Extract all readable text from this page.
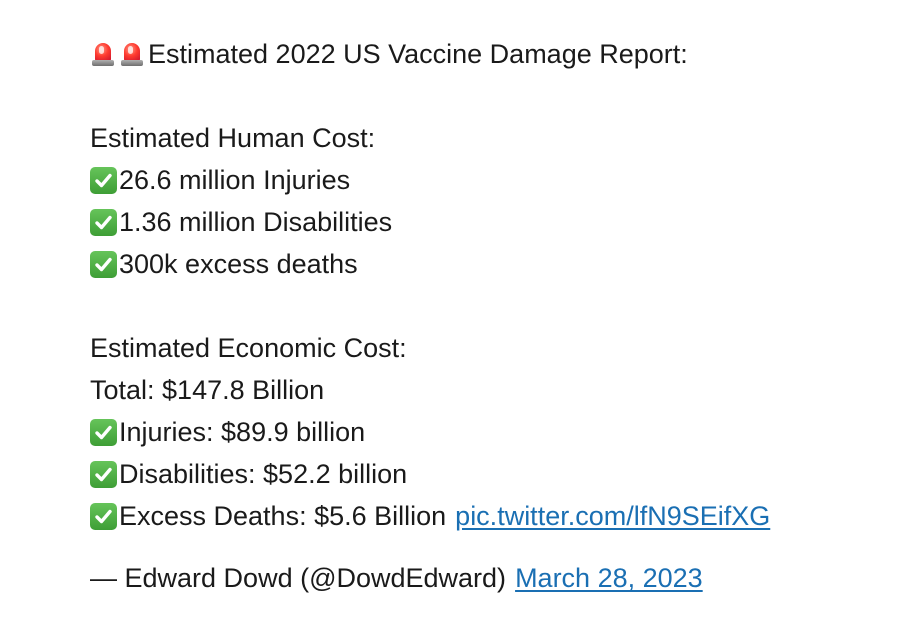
Estimated 2022 US Vaccine Damage Report:
Estimated Human Cost:
26.6 million Injuries
1.36 million Disabilities
300k excess deaths
Estimated Economic Cost:
Total: $147.8 Billion
Injuries: $89.9 billion
Disabilities: $52.2 billion
Excess Deaths: $5.6 Billion pic.twitter.com/lfN9SEifXG
— Edward Dowd (@DowdEdward) March 28, 2023
